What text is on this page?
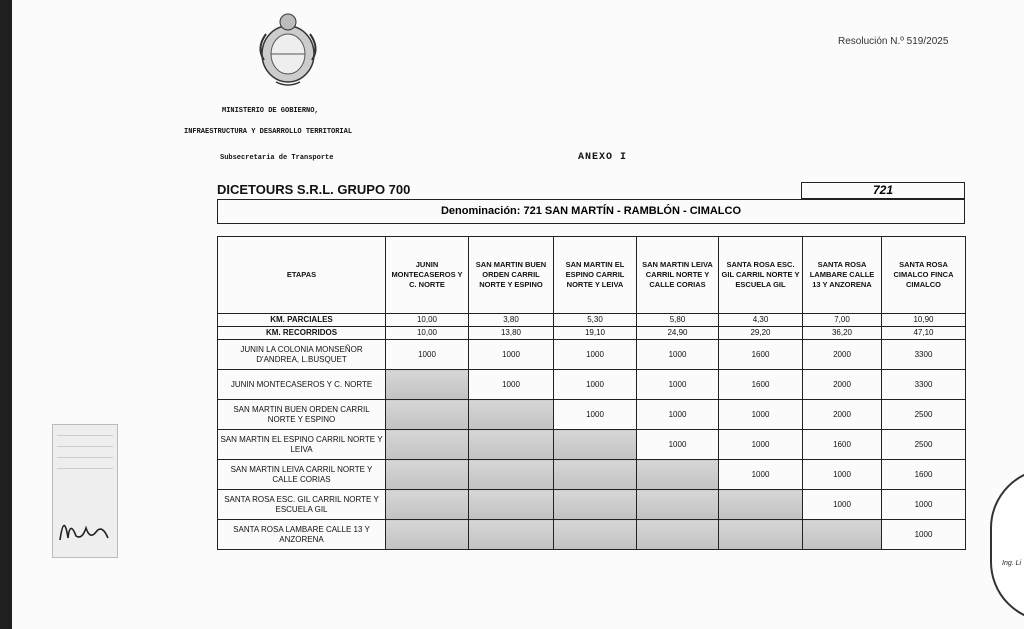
Resolución N.º 519/2025
MINISTERIO DE GOBIERNO,
INFRAESTRUCTURA Y DESARROLLO TERRITORIAL
Subsecretaria de Transporte	ANEXO I
DICETOURS S.R.L. GRUPO 700	721
Denominación: 721 SAN MARTÍN - RAMBLÓN - CIMALCO
ETAPAS	JUNIN MONTECASEROS Y C. NORTE	SAN MARTIN BUEN ORDEN CARRIL NORTE Y ESPINO	SAN MARTIN EL ESPINO CARRIL NORTE Y LEIVA	SAN MARTIN LEIVA CARRIL NORTE Y CALLE CORIAS	SANTA ROSA ESC. GIL CARRIL NORTE Y ESCUELA GIL	SANTA ROSA LAMBARE CALLE 13 Y ANZORENA	SANTA ROSA CIMALCO FINCA CIMALCO
KM. PARCIALES	10,00	3,80	5,30	5,80	4,30	7,00	10,90
KM. RECORRIDOS	10,00	13,80	19,10	24,90	29,20	36,20	47,10
JUNIN LA COLONIA MONSEÑOR D'ANDREA, L.BUSQUET	1000	1000	1000	1000	1600	2000	3300
JUNIN MONTECASEROS Y C. NORTE		1000	1000	1000	1600	2000	3300
SAN MARTIN BUEN ORDEN CARRIL NORTE Y ESPINO			1000	1000	1000	2000	2500
SAN MARTIN EL ESPINO CARRIL NORTE Y LEIVA				1000	1000	1600	2500
SAN MARTIN LEIVA CARRIL NORTE Y CALLE CORIAS					1000	1000	1600
SANTA ROSA ESC. GIL CARRIL NORTE Y ESCUELA GIL						1000	1000
SANTA ROSA LAMBARE CALLE 13 Y ANZORENA							1000
Ing. Li
